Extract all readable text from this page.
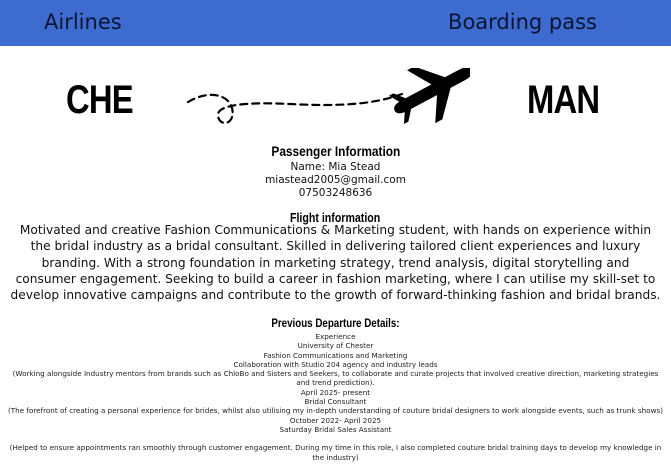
Airlines	Boarding pass
CHE	MAN
Passenger Information
Name: Mia Stead
miastead2005@gmail.com
07503248636
Flight information
Motivated and creative Fashion Communications & Marketing student, with hands on experience within the bridal industry as a bridal consultant. Skilled in delivering tailored client experiences and luxury branding. With a strong foundation in marketing strategy, trend analysis, digital storytelling and consumer engagement. Seeking to build a career in fashion marketing, where I can utilise my skill-set to develop innovative campaigns and contribute to the growth of forward-thinking fashion and bridal brands.
Previous Departure Details:
Experience
University of Chester
Fashion Communications and Marketing
Collaboration with Studio 204 agency and industry leads
(Working alongside Industry mentors from brands such as ChloBo and Sisters and Seekers, to collaborate and curate projects that involved creative direction, marketing strategies and trend prediction).
April 2025- present
Bridal Consultant
(The forefront of creating a personal experience for brides, whilst also utilising my in-depth understanding of couture bridal designers to work alongside events, such as trunk shows)
October 2022- April 2025
Saturday Bridal Sales Assistant
(Helped to ensure appointments ran smoothly through customer engagement. During my time in this role, I also completed couture bridal training days to develop my knowledge in the industry)
